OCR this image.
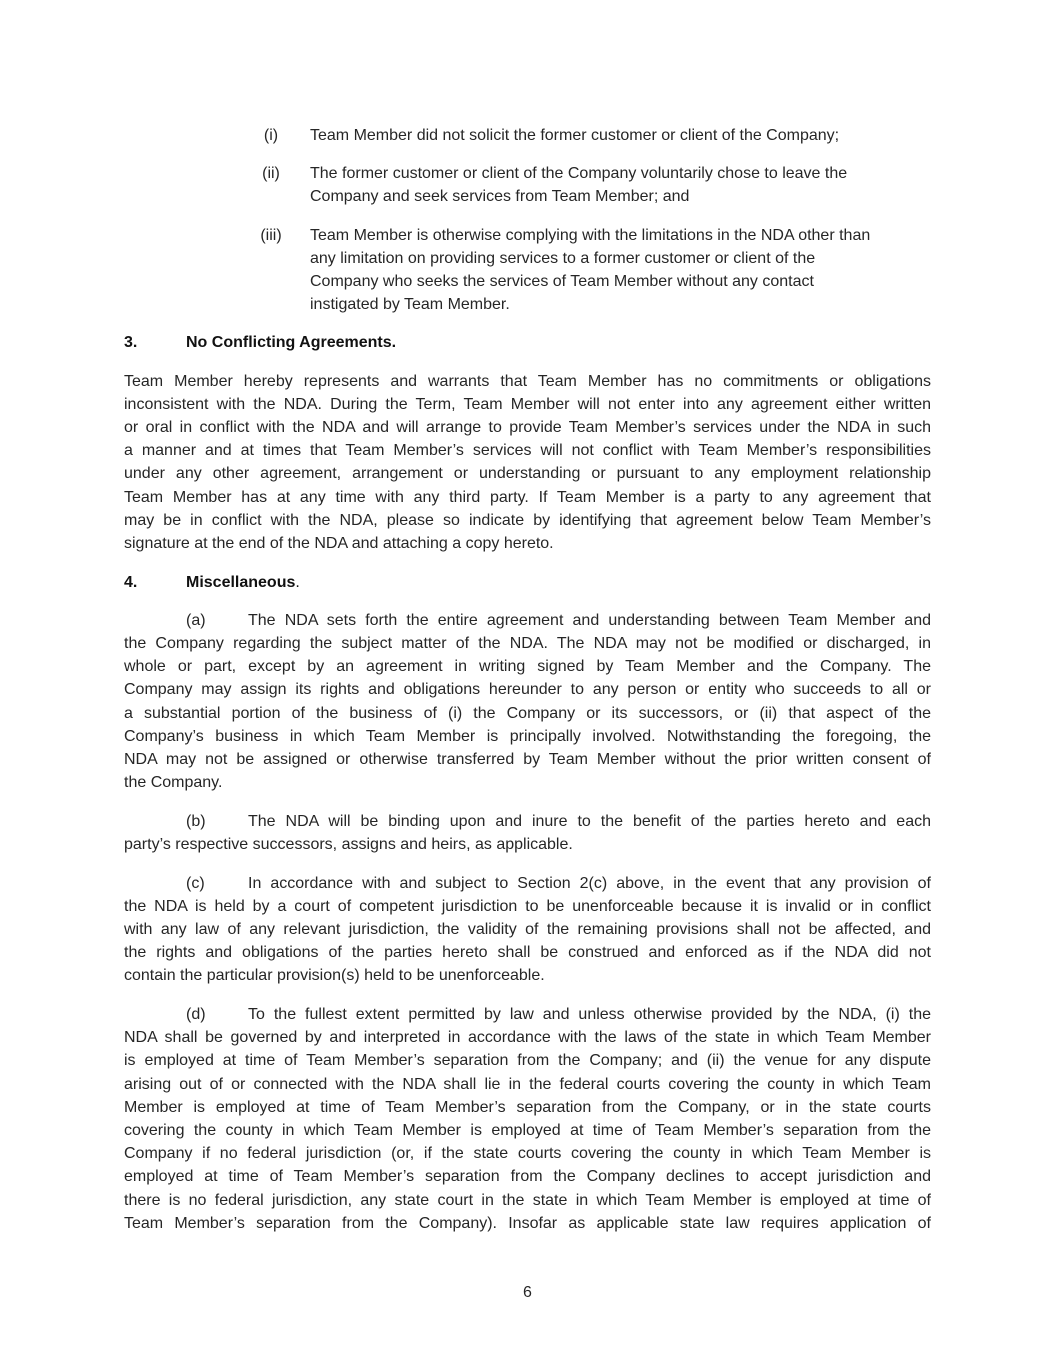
(i)	Team Member did not solicit the former customer or client of the Company;
(ii)	The former customer or client of the Company voluntarily chose to leave the
Company and seek services from Team Member; and
(iii)	Team Member is otherwise complying with the limitations in the NDA other than
any limitation on providing services to a former customer or client of the
Company who seeks the services of Team Member without any contact
instigated by Team Member.
3.	No Conflicting Agreements.
Team Member hereby represents and warrants that Team Member has no commitments or obligations
inconsistent with the NDA. During the Term, Team Member will not enter into any agreement either written
or oral in conflict with the NDA and will arrange to provide Team Member’s services under the NDA in such
a manner and at times that Team Member’s services will not conflict with Team Member’s responsibilities
under any other agreement, arrangement or understanding or pursuant to any employment relationship
Team Member has at any time with any third party. If Team Member is a party to any agreement that
may be in conflict with the NDA, please so indicate by identifying that agreement below Team Member’s
signature at the end of the NDA and attaching a copy hereto.
4.	Miscellaneous.
(a)	The NDA sets forth the entire agreement and understanding between Team Member and
the Company regarding the subject matter of the NDA. The NDA may not be modified or discharged, in
whole or part, except by an agreement in writing signed by Team Member and the Company. The
Company may assign its rights and obligations hereunder to any person or entity who succeeds to all or
a substantial portion of the business of (i) the Company or its successors, or (ii) that aspect of the
Company’s business in which Team Member is principally involved. Notwithstanding the foregoing, the
NDA may not be assigned or otherwise transferred by Team Member without the prior written consent of
the Company.
(b)	The NDA will be binding upon and inure to the benefit of the parties hereto and each
party’s respective successors, assigns and heirs, as applicable.
(c)	In accordance with and subject to Section 2(c) above, in the event that any provision of
the NDA is held by a court of competent jurisdiction to be unenforceable because it is invalid or in conflict
with any law of any relevant jurisdiction, the validity of the remaining provisions shall not be affected, and
the rights and obligations of the parties hereto shall be construed and enforced as if the NDA did not
contain the particular provision(s) held to be unenforceable.
(d)	To the fullest extent permitted by law and unless otherwise provided by the NDA, (i) the
NDA shall be governed by and interpreted in accordance with the laws of the state in which Team Member
is employed at time of Team Member’s separation from the Company; and (ii) the venue for any dispute
arising out of or connected with the NDA shall lie in the federal courts covering the county in which Team
Member is employed at time of Team Member’s separation from the Company, or in the state courts
covering the county in which Team Member is employed at time of Team Member’s separation from the
Company if no federal jurisdiction (or, if the state courts covering the county in which Team Member is
employed at time of Team Member’s separation from the Company declines to accept jurisdiction and
there is no federal jurisdiction, any state court in the state in which Team Member is employed at time of
Team Member’s separation from the Company). Insofar as applicable state law requires application of
6
